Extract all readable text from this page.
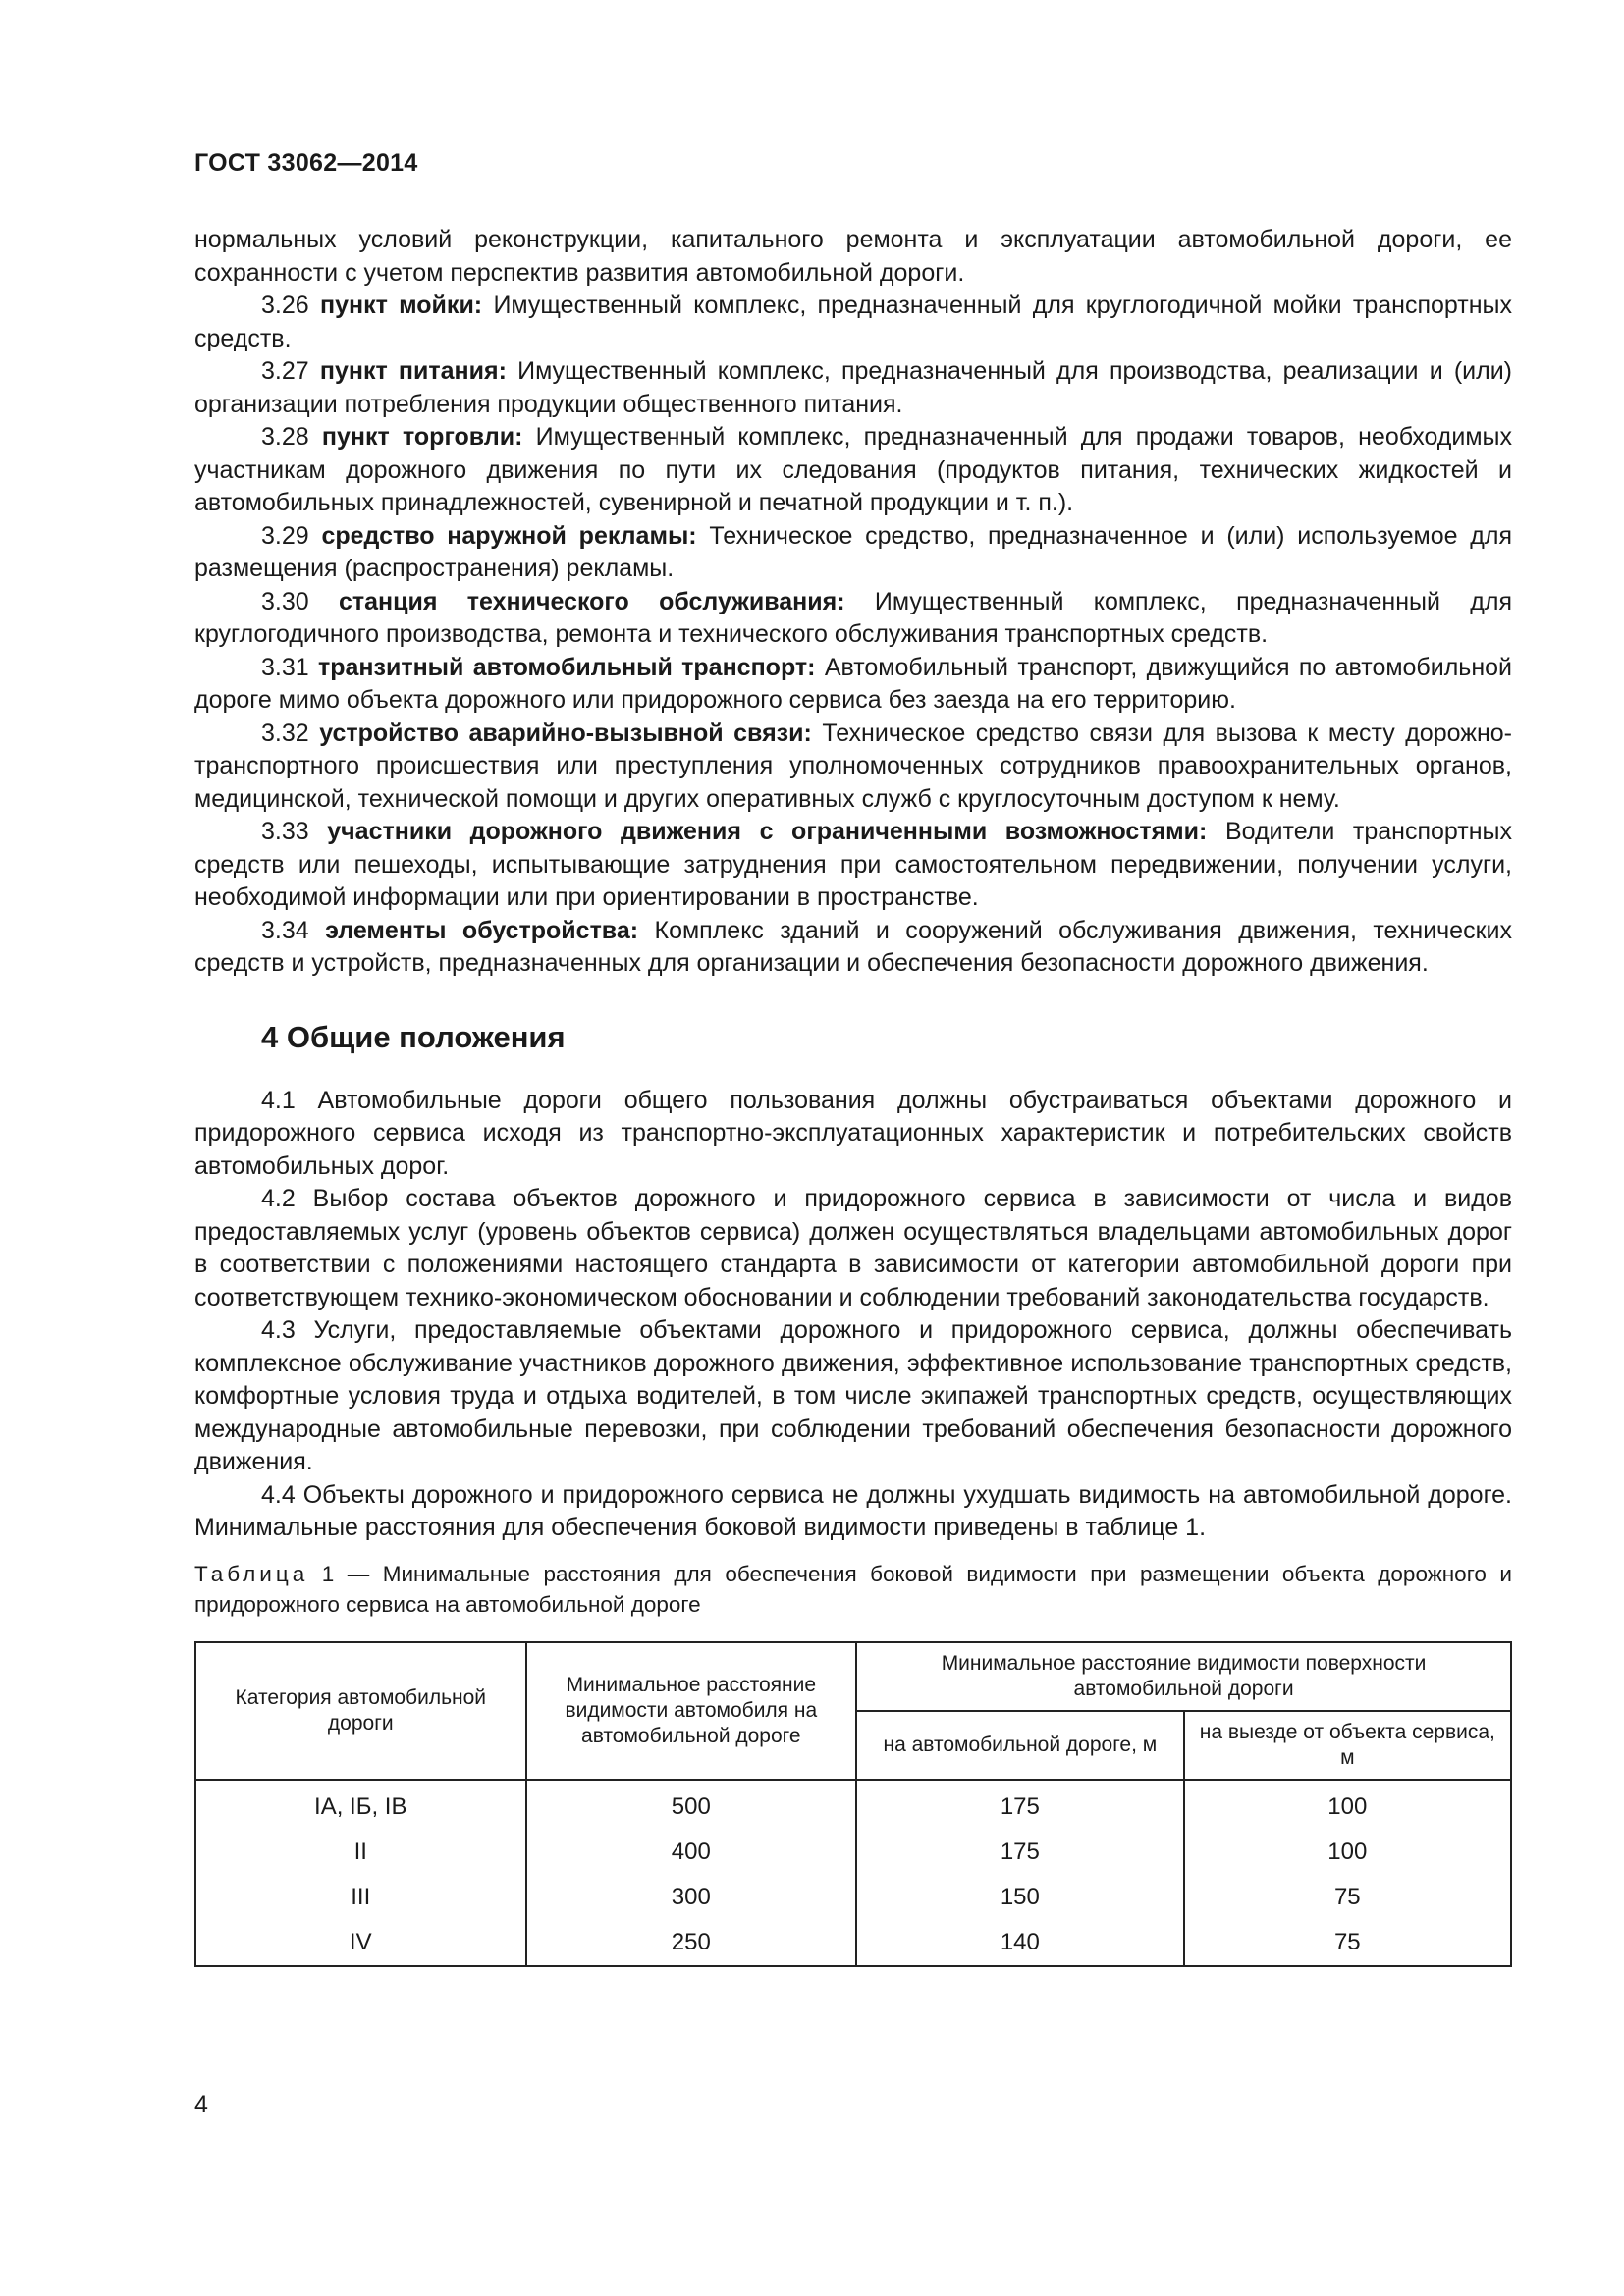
ГОСТ 33062—2014

нормальных условий реконструкции, капитального ремонта и эксплуатации автомобильной дороги, ее сохранности с учетом перспектив развития автомобильной дороги.

3.26 пункт мойки: Имущественный комплекс, предназначенный для круглогодичной мойки транспортных средств.

3.27 пункт питания: Имущественный комплекс, предназначенный для производства, реализации и (или) организации потребления продукции общественного питания.

3.28 пункт торговли: Имущественный комплекс, предназначенный для продажи товаров, необходимых участникам дорожного движения по пути их следования (продуктов питания, технических жидкостей и автомобильных принадлежностей, сувенирной и печатной продукции и т. п.).

3.29 средство наружной рекламы: Техническое средство, предназначенное и (или) используемое для размещения (распространения) рекламы.

3.30 станция технического обслуживания: Имущественный комплекс, предназначенный для круглогодичного производства, ремонта и технического обслуживания транспортных средств.

3.31 транзитный автомобильный транспорт: Автомобильный транспорт, движущийся по автомобильной дороге мимо объекта дорожного или придорожного сервиса без заезда на его территорию.

3.32 устройство аварийно-вызывной связи: Техническое средство связи для вызова к месту дорожно-транспортного происшествия или преступления уполномоченных сотрудников правоохранительных органов, медицинской, технической помощи и других оперативных служб с круглосуточным доступом к нему.

3.33 участники дорожного движения с ограниченными возможностями: Водители транспортных средств или пешеходы, испытывающие затруднения при самостоятельном передвижении, получении услуги, необходимой информации или при ориентировании в пространстве.

3.34 элементы обустройства: Комплекс зданий и сооружений обслуживания движения, технических средств и устройств, предназначенных для организации и обеспечения безопасности дорожного движения.

4 Общие положения

4.1 Автомобильные дороги общего пользования должны обустраиваться объектами дорожного и придорожного сервиса исходя из транспортно-эксплуатационных характеристик и потребительских свойств автомобильных дорог.

4.2 Выбор состава объектов дорожного и придорожного сервиса в зависимости от числа и видов предоставляемых услуг (уровень объектов сервиса) должен осуществляться владельцами автомобильных дорог в соответствии с положениями настоящего стандарта в зависимости от категории автомобильной дороги при соответствующем технико-экономическом обосновании и соблюдении требований законодательства государств.

4.3 Услуги, предоставляемые объектами дорожного и придорожного сервиса, должны обеспечивать комплексное обслуживание участников дорожного движения, эффективное использование транспортных средств, комфортные условия труда и отдыха водителей, в том числе экипажей транспортных средств, осуществляющих международные автомобильные перевозки, при соблюдении требований обеспечения безопасности дорожного движения.

4.4 Объекты дорожного и придорожного сервиса не должны ухудшать видимость на автомобильной дороге. Минимальные расстояния для обеспечения боковой видимости приведены в таблице 1.

Таблица 1 — Минимальные расстояния для обеспечения боковой видимости при размещении объекта дорожного и придорожного сервиса на автомобильной дороге
Категория автомобильной дороги	Минимальное расстояние видимости автомобиля на автомобильной дороге	Минимальное расстояние видимости поверхности автомобильной дороги	
		на автомобильной дороге, м	на выезде от объекта сервиса, м
IA, IБ, IB	500	175	100
II	400	175	100
III	300	150	75
IV	250	140	75
4
